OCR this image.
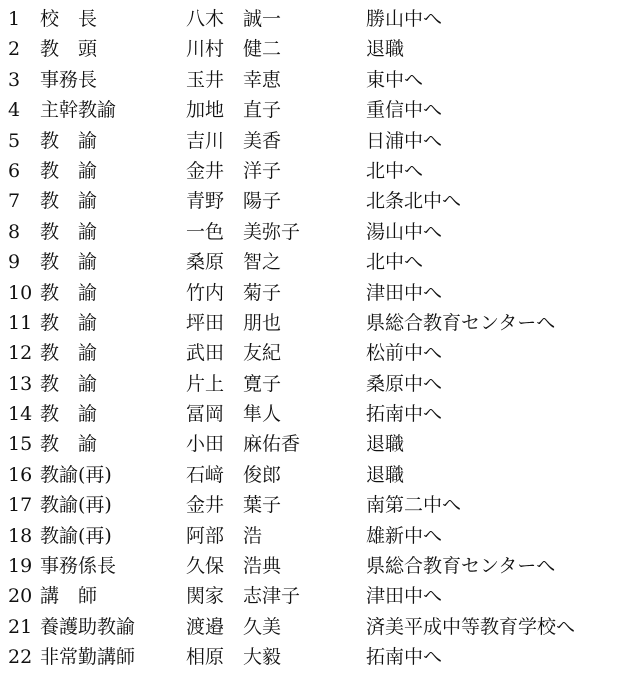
1	校　長	八木　誠一	勝山中へ
2	教　頭	川村　健二	退職
3	事務長	玉井　幸恵	東中へ
4	主幹教諭	加地　直子	重信中へ
5	教　諭	吉川　美香	日浦中へ
6	教　諭	金井　洋子	北中へ
7	教　諭	青野　陽子	北条北中へ
8	教　諭	一色　美弥子	湯山中へ
9	教　諭	桑原　智之	北中へ
10 教　諭	竹内　菊子	津田中へ
11 教　諭	坪田　朋也	県総合教育センターへ
12 教　諭	武田　友紀	松前中へ
13 教　諭	片上　寛子	桑原中へ
14 教　諭	冨岡　隼人	拓南中へ
15 教　諭	小田　麻佑香	退職
16 教諭(再)	石﨑　俊郎	退職
17 教諭(再)	金井　葉子	南第二中へ
18 教諭(再)	阿部　浩	雄新中へ
19 事務係長	久保　浩典	県総合教育センターへ
20 講　師	関家　志津子	津田中へ
21 養護助教諭	渡邉　久美	済美平成中等教育学校へ
22 非常勤講師	相原　大毅	拓南中へ
